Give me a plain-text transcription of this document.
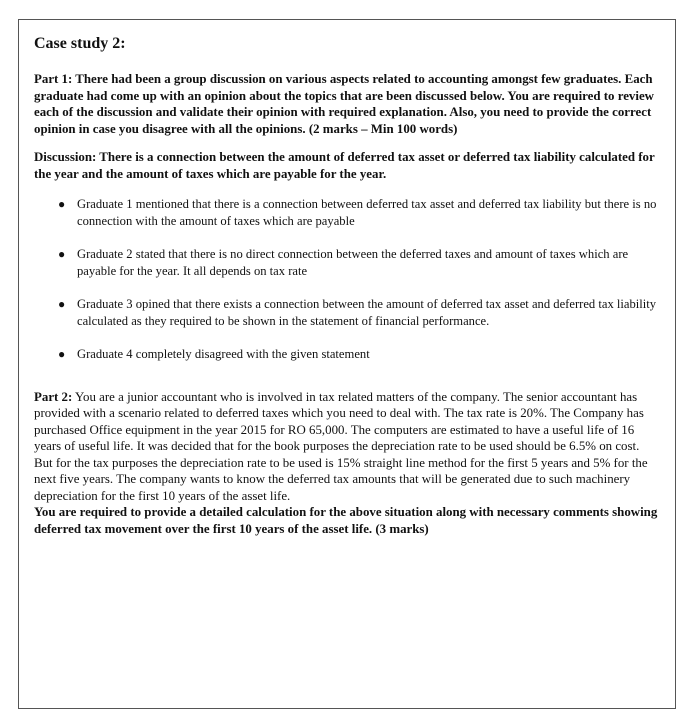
Case study 2:

Part 1: There had been a group discussion on various aspects related to accounting amongst few graduates. Each graduate had come up with an opinion about the topics that are been discussed below. You are required to review each of the discussion and validate their opinion with required explanation. Also, you need to provide the correct opinion in case you disagree with all the opinions. (2 marks – Min 100 words)

Discussion: There is a connection between the amount of deferred tax asset or deferred tax liability calculated for the year and the amount of taxes which are payable for the year.

● Graduate 1 mentioned that there is a connection between deferred tax asset and deferred tax liability but there is no connection with the amount of taxes which are payable
● Graduate 2 stated that there is no direct connection between the deferred taxes and amount of taxes which are payable for the year. It all depends on tax rate
● Graduate 3 opined that there exists a connection between the amount of deferred tax asset and deferred tax liability calculated as they required to be shown in the statement of financial performance.
● Graduate 4 completely disagreed with the given statement

Part 2: You are a junior accountant who is involved in tax related matters of the company. The senior accountant has provided with a scenario related to deferred taxes which you need to deal with. The tax rate is 20%. The Company has purchased Office equipment in the year 2015 for RO 65,000. The computers are estimated to have a useful life of 16 years of useful life. It was decided that for the book purposes the depreciation rate to be used should be 6.5% on cost. But for the tax purposes the depreciation rate to be used is 15% straight line method for the first 5 years and 5% for the next five years. The company wants to know the deferred tax amounts that will be generated due to such machinery depreciation for the first 10 years of the asset life.

You are required to provide a detailed calculation for the above situation along with necessary comments showing deferred tax movement over the first 10 years of the asset life. (3 marks)
